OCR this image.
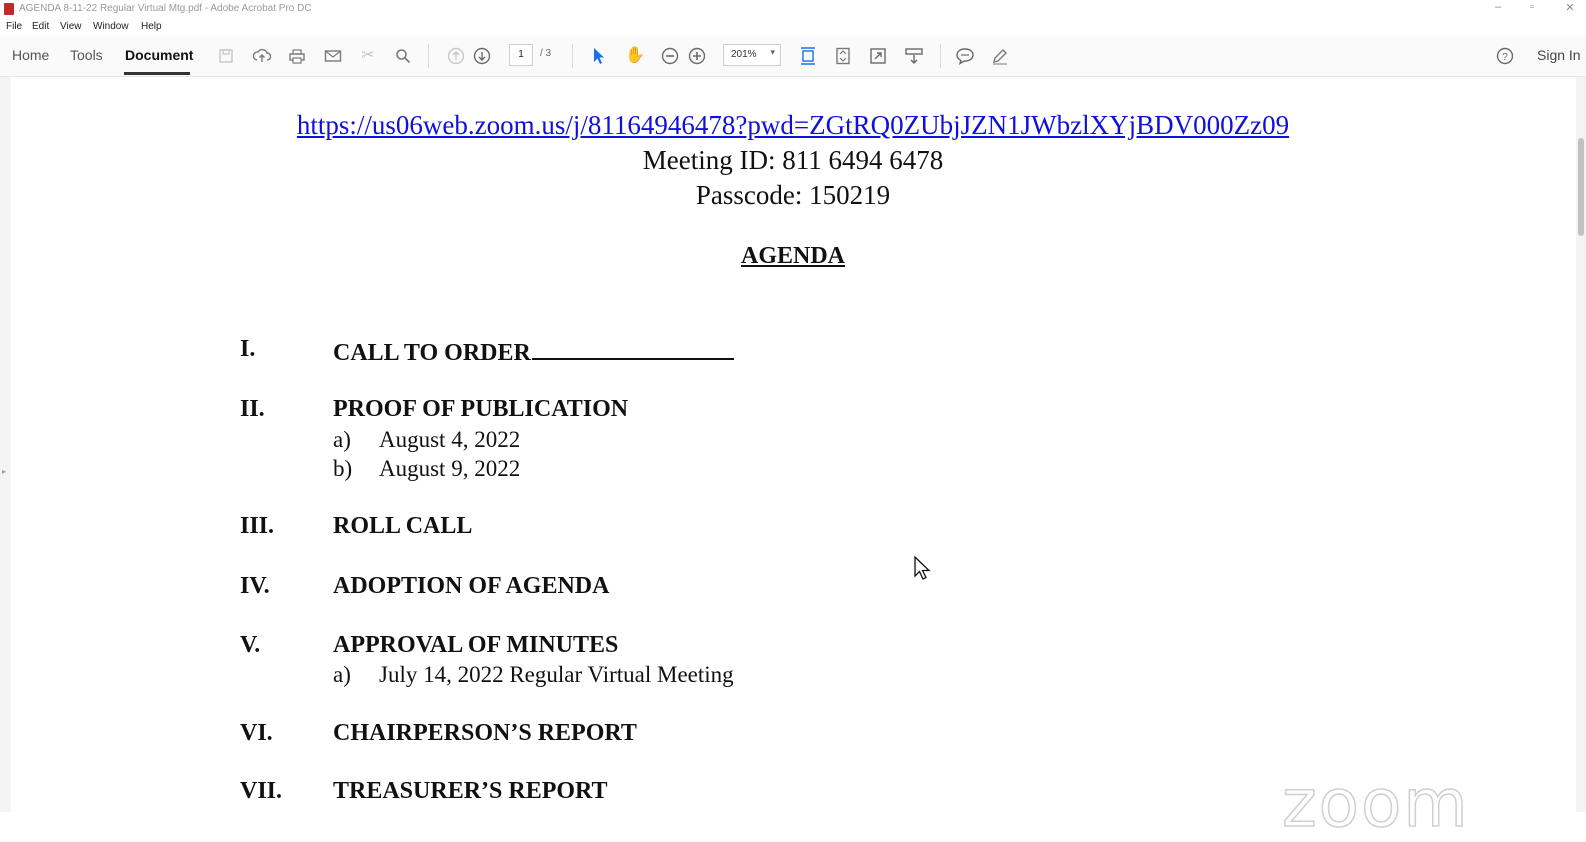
AGENDA 8-11-22 Regular Virtual Mtg.pdf - Adobe Acrobat Pro DC	–	▫	✕
File Edit View Window Help
Home Tools Document	✂	1	/ 3	✋	201% ▾	? Sign In
▸
https://us06web.zoom.us/j/81164946478?pwd=ZGtRQ0ZUbjJZN1JWbzlXYjBDV000Zz09
Meeting ID: 811 6494 6478
Passcode: 150219
AGENDA
I.	CALL TO ORDER
II.	PROOF OF PUBLICATION
a) August 4, 2022
b) August 9, 2022
III. ROLL CALL
IV.	ADOPTION OF AGENDA
V.	APPROVAL OF MINUTES
a) July 14, 2022 Regular Virtual Meeting
VI.	CHAIRPERSON’S REPORT
VII. TREASURER’S REPORT	zoom
